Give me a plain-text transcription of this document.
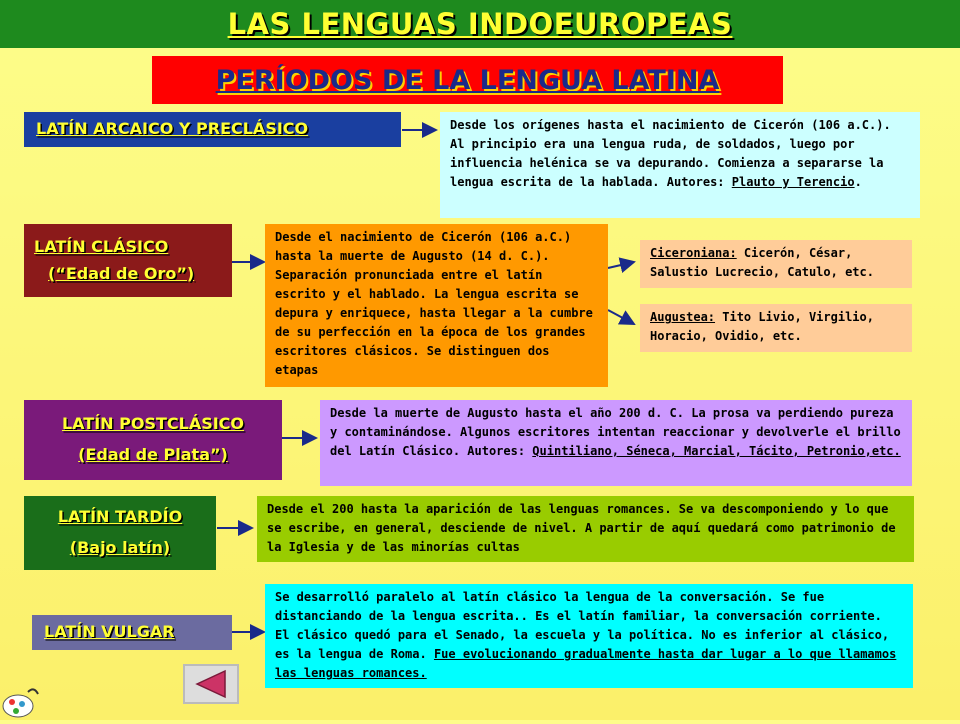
LAS LENGUAS INDOEUROPEAS
PERÍODOS DE LA LENGUA LATINA
LATÍN ARCAICO Y PRECLÁSICO	Desde los orígenes hasta el nacimiento de Cicerón (106 a.C.). Al principio era una lengua ruda, de soldados, luego por influencia helénica se va depurando. Comienza a separarse la lengua escrita de la hablada. Autores: Plauto y Terencio.
LATÍN CLÁSICO
(“Edad de Oro”)
Desde el nacimiento de Cicerón (106 a.C.) hasta la muerte de Augusto (14 d. C.). Separación pronunciada entre el latín escrito y el hablado. La lengua escrita se depura y enriquece, hasta llegar a la cumbre de su perfección en la época de los grandes escritores clásicos. Se distinguen dos etapas
Ciceroniana: Cicerón, César, Salustio Lucrecio, Catulo, etc.
Augustea: Tito Livio, Virgilio, Horacio, Ovidio, etc.
LATÍN POSTCLÁSICO
(Edad de Plata”)
Desde la muerte de Augusto hasta el año 200 d. C. La prosa va perdiendo pureza y contaminándose. Algunos escritores intentan reaccionar y devolverle el brillo del Latín Clásico. Autores: Quintiliano, Séneca, Marcial, Tácito, Petronio,etc.
LATÍN TARDÍO
(Bajo latín)
Desde el 200 hasta la aparición de las lenguas romances. Se va descomponiendo y lo que se escribe, en general, desciende de nivel. A partir de aquí quedará como patrimonio de la Iglesia y de las minorías cultas
LATÍN VULGAR
Se desarrolló paralelo al latín clásico la lengua de la conversación. Se fue distanciando de la lengua escrita.. Es el latín familiar, la conversación corriente. El clásico quedó para el Senado, la escuela y la política. No es inferior al clásico, es la lengua de Roma. Fue evolucionando gradualmente hasta dar lugar a lo que llamamos las lenguas romances.
